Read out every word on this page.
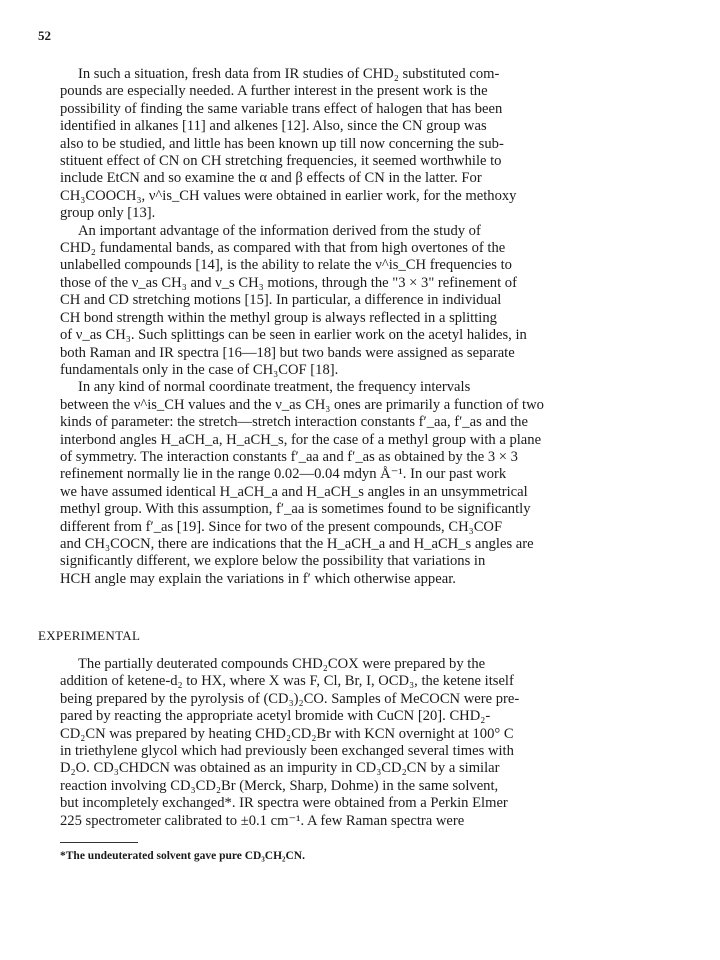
52
In such a situation, fresh data from IR studies of CHD₂ substituted com-
pounds are especially needed. A further interest in the present work is the
possibility of finding the same variable trans effect of halogen that has been
identified in alkanes [11] and alkenes [12]. Also, since the CN group was
also to be studied, and little has been known up till now concerning the sub-
stituent effect of CN on CH stretching frequencies, it seemed worthwhile to
include EtCN and so examine the α and β effects of CN in the latter. For
CH₃COOCH₃, ν^is_CH values were obtained in earlier work, for the methoxy
group only [13].
An important advantage of the information derived from the study of
CHD₂ fundamental bands, as compared with that from high overtones of the
unlabelled compounds [14], is the ability to relate the ν^is_CH frequencies to
those of the ν_as CH₃ and ν_s CH₃ motions, through the "3 × 3" refinement of
CH and CD stretching motions [15]. In particular, a difference in individual
CH bond strength within the methyl group is always reflected in a splitting
of ν_as CH₃. Such splittings can be seen in earlier work on the acetyl halides, in
both Raman and IR spectra [16—18] but two bands were assigned as separate
fundamentals only in the case of CH₃COF [18].
In any kind of normal coordinate treatment, the frequency intervals
between the ν^is_CH values and the ν_as CH₃ ones are primarily a function of two
kinds of parameter: the stretch—stretch interaction constants f′_aa, f′_as and the
interbond angles H_aCH_a, H_aCH_s, for the case of a methyl group with a plane
of symmetry. The interaction constants f′_aa and f′_as as obtained by the 3 × 3
refinement normally lie in the range 0.02—0.04 mdyn Å⁻¹. In our past work
we have assumed identical H_aCH_a and H_aCH_s angles in an unsymmetrical
methyl group. With this assumption, f′_aa is sometimes found to be significantly
different from f′_as [19]. Since for two of the present compounds, CH₃COF
and CH₃COCN, there are indications that the H_aCH_a and H_aCH_s angles are
significantly different, we explore below the possibility that variations in
HCH angle may explain the variations in f′ which otherwise appear.
EXPERIMENTAL
The partially deuterated compounds CHD₂COX were prepared by the
addition of ketene-d₂ to HX, where X was F, Cl, Br, I, OCD₃, the ketene itself
being prepared by the pyrolysis of (CD₃)₂CO. Samples of MeCOCN were pre-
pared by reacting the appropriate acetyl bromide with CuCN [20]. CHD₂-
CD₂CN was prepared by heating CHD₂CD₂Br with KCN overnight at 100° C
in triethylene glycol which had previously been exchanged several times with
D₂O. CD₃CHDCN was obtained as an impurity in CD₃CD₂CN by a similar
reaction involving CD₃CD₂Br (Merck, Sharp, Dohme) in the same solvent,
but incompletely exchanged*. IR spectra were obtained from a Perkin Elmer
225 spectrometer calibrated to ±0.1 cm⁻¹. A few Raman spectra were
*The undeuterated solvent gave pure CD₃CH₂CN.
